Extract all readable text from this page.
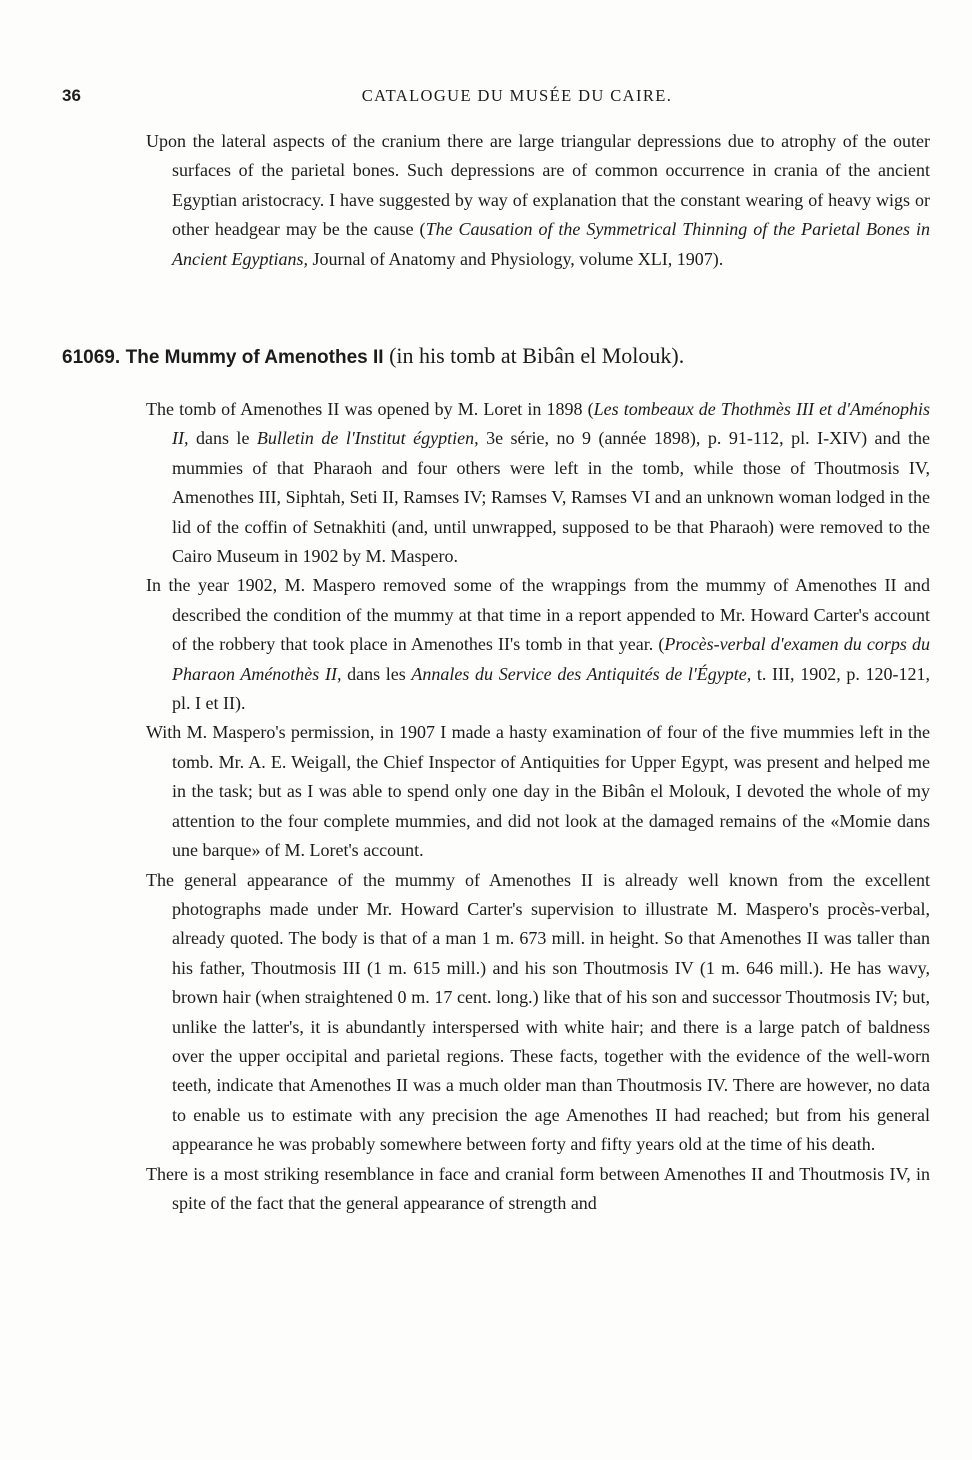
36	CATALOGUE DU MUSÉE DU CAIRE.

Upon the lateral aspects of the cranium there are large triangular depressions due to atrophy of the outer surfaces of the parietal bones. Such depressions are of common occurrence in crania of the ancient Egyptian aristocracy. I have suggested by way of explanation that the constant wearing of heavy wigs or other headgear may be the cause (The Causation of the Symmetrical Thinning of the Parietal Bones in Ancient Egyptians, Journal of Anatomy and Physiology, volume XLI, 1907).

61069. The Mummy of Amenothes II (in his tomb at Bibân el Molouk).

The tomb of Amenothes II was opened by M. Loret in 1898 (Les tombeaux de Thothmès III et d'Aménophis II, dans le Bulletin de l'Institut égyptien, 3e série, no 9 (année 1898), p. 91-112, pl. I-XIV) and the mummies of that Pharaoh and four others were left in the tomb, while those of Thoutmosis IV, Amenothes III, Siphtah, Seti II, Ramses IV; Ramses V, Ramses VI and an unknown woman lodged in the lid of the coffin of Setnakhiti (and, until unwrapped, supposed to be that Pharaoh) were removed to the Cairo Museum in 1902 by M. Maspero.

In the year 1902, M. Maspero removed some of the wrappings from the mummy of Amenothes II and described the condition of the mummy at that time in a report appended to Mr. Howard Carter's account of the robbery that took place in Amenothes II's tomb in that year. (Procès-verbal d'examen du corps du Pharaon Aménothès II, dans les Annales du Service des Antiquités de l'Égypte, t. III, 1902, p. 120-121, pl. I et II).

With M. Maspero's permission, in 1907 I made a hasty examination of four of the five mummies left in the tomb. Mr. A. E. Weigall, the Chief Inspector of Antiquities for Upper Egypt, was present and helped me in the task; but as I was able to spend only one day in the Bibân el Molouk, I devoted the whole of my attention to the four complete mummies, and did not look at the damaged remains of the «Momie dans une barque» of M. Loret's account.

The general appearance of the mummy of Amenothes II is already well known from the excellent photographs made under Mr. Howard Carter's supervision to illustrate M. Maspero's procès-verbal, already quoted. The body is that of a man 1 m. 673 mill. in height. So that Amenothes II was taller than his father, Thoutmosis III (1 m. 615 mill.) and his son Thoutmosis IV (1 m. 646 mill.). He has wavy, brown hair (when straightened 0 m. 17 cent. long.) like that of his son and successor Thoutmosis IV; but, unlike the latter's, it is abundantly interspersed with white hair; and there is a large patch of baldness over the upper occipital and parietal regions. These facts, together with the evidence of the well-worn teeth, indicate that Amenothes II was a much older man than Thoutmosis IV. There are however, no data to enable us to estimate with any precision the age Amenothes II had reached; but from his general appearance he was probably somewhere between forty and fifty years old at the time of his death.

There is a most striking resemblance in face and cranial form between Amenothes II and Thoutmosis IV, in spite of the fact that the general appearance of strength and
